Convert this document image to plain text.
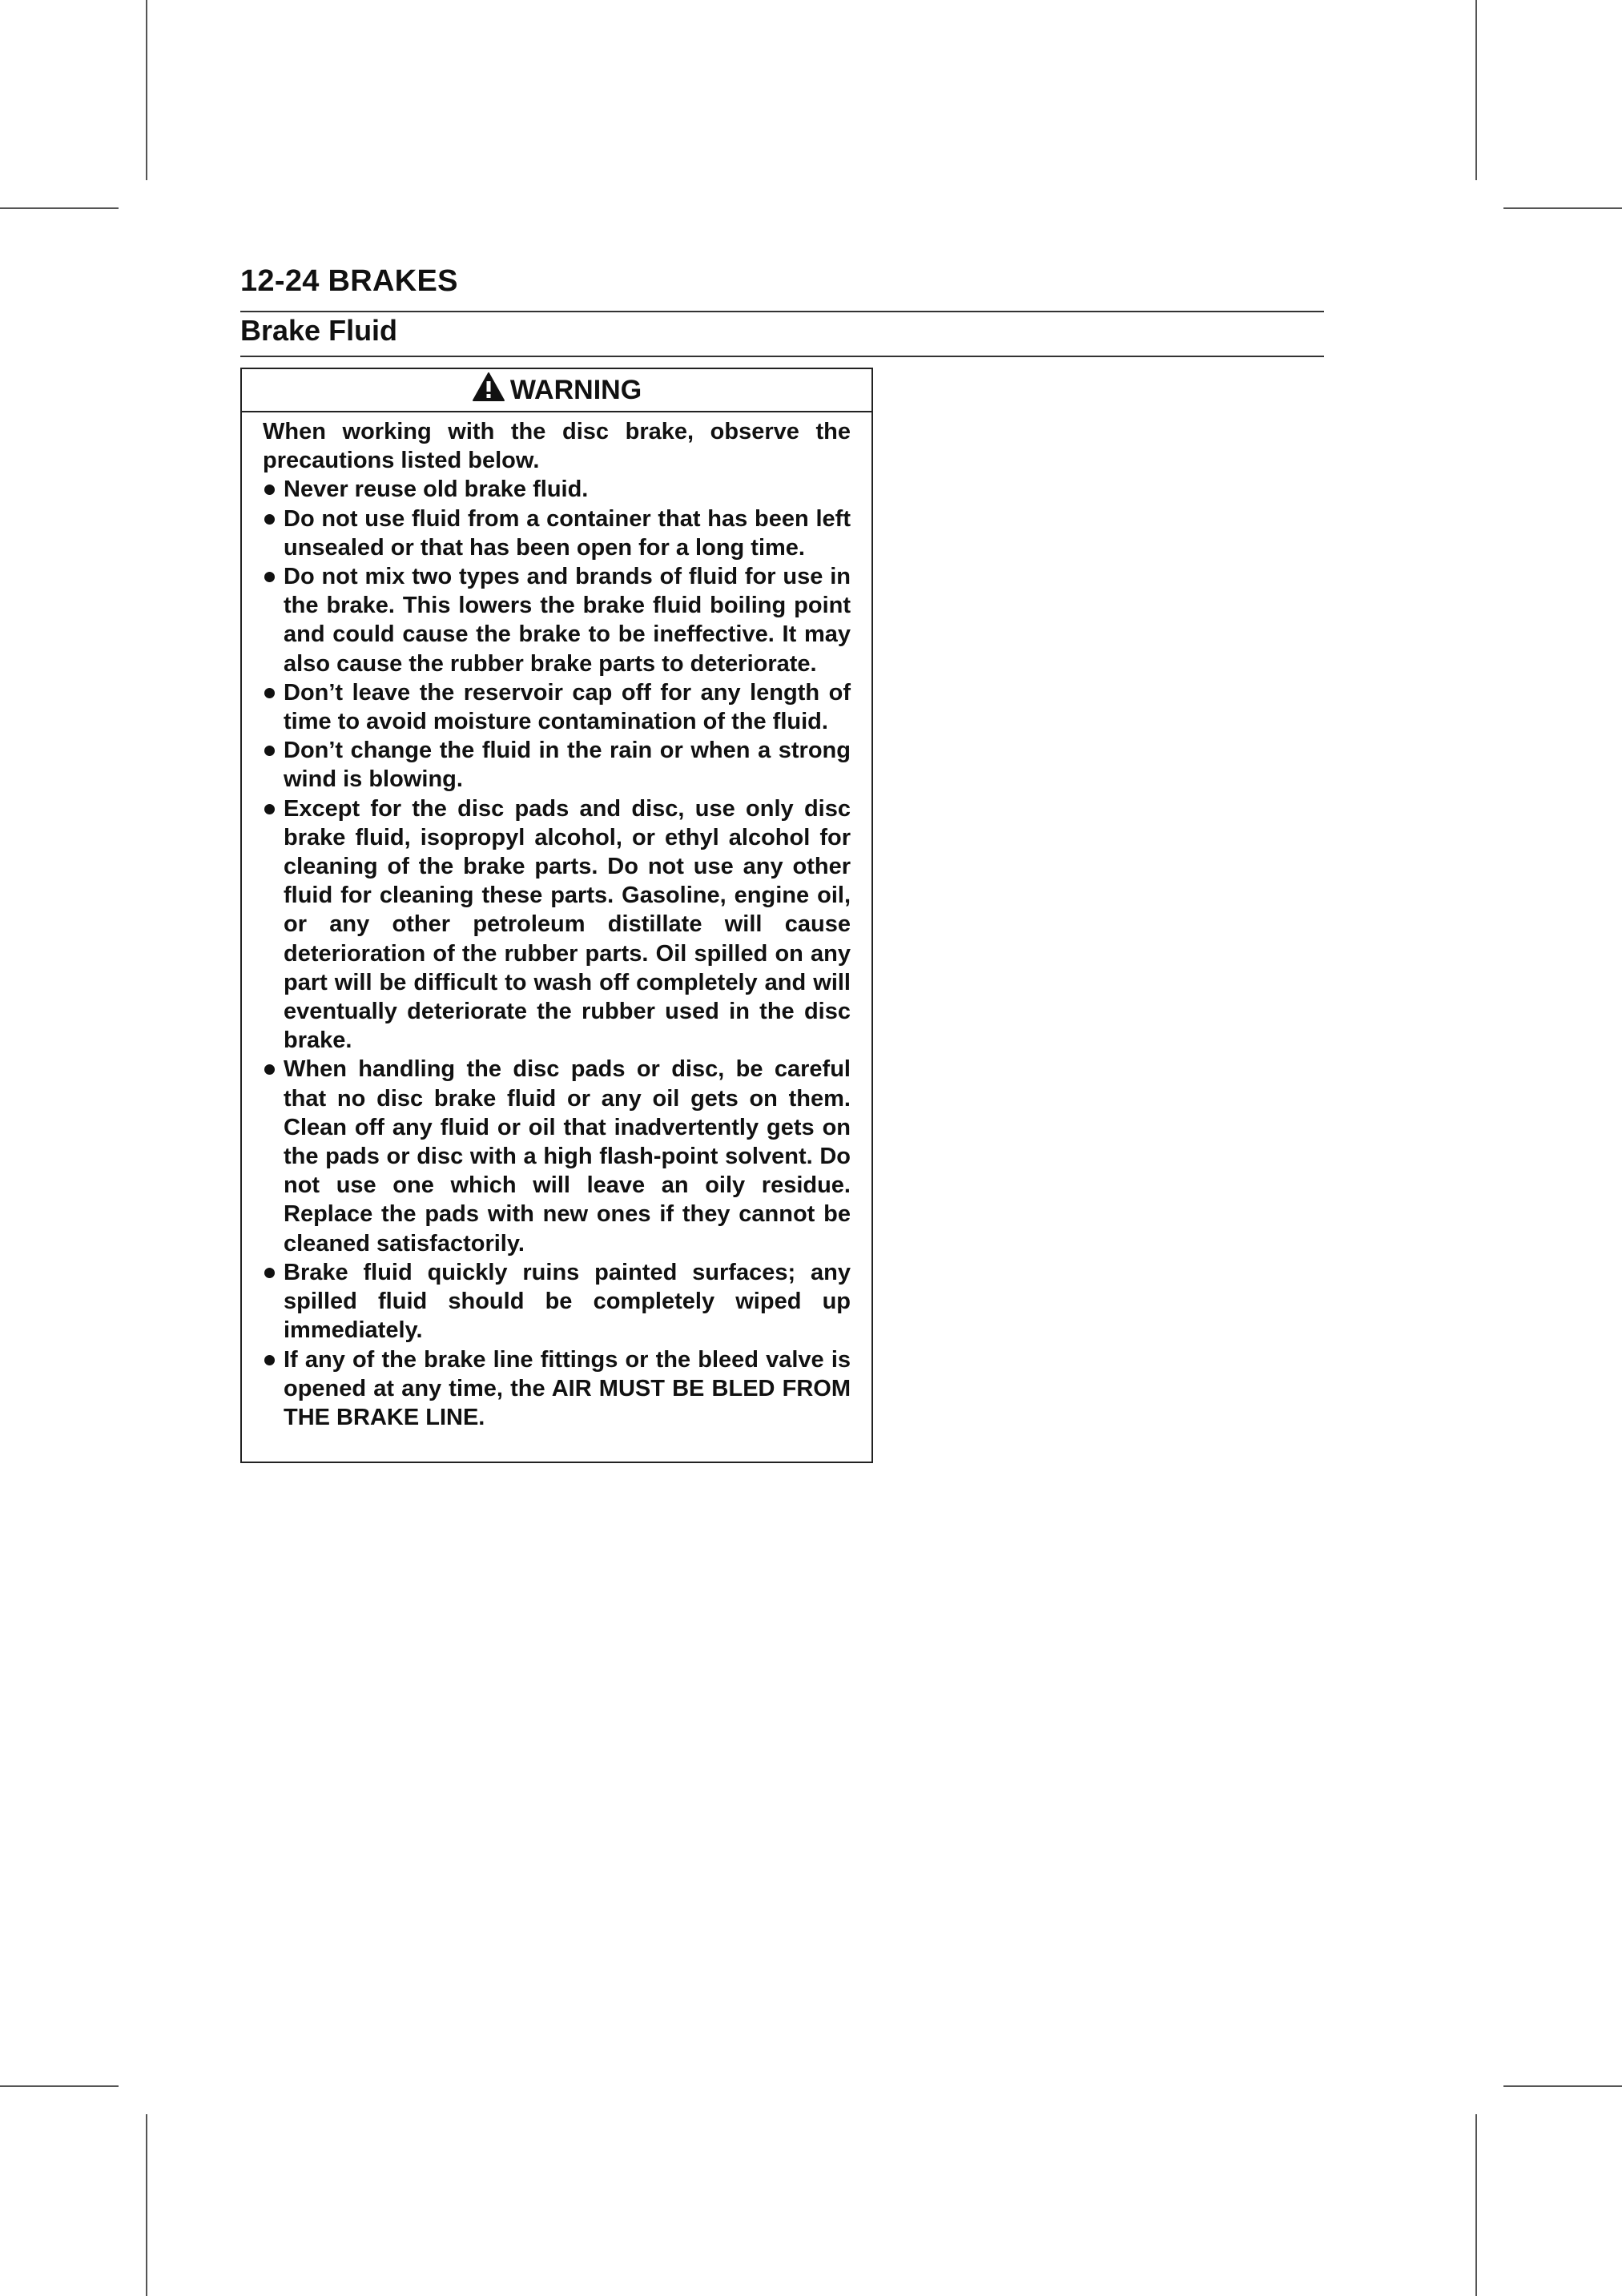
12-24 BRAKES
Brake Fluid
WARNING

When working with the disc brake, observe the precautions listed below.

Never reuse old brake fluid.
Do not use fluid from a container that has been left unsealed or that has been open for a long time.
Do not mix two types and brands of fluid for use in the brake. This lowers the brake fluid boiling point and could cause the brake to be ineffective. It may also cause the rubber brake parts to deteriorate.
Don’t leave the reservoir cap off for any length of time to avoid moisture contamination of the fluid.
Don’t change the fluid in the rain or when a strong wind is blowing.
Except for the disc pads and disc, use only disc brake fluid, isopropyl alcohol, or ethyl alcohol for cleaning of the brake parts. Do not use any other fluid for cleaning these parts. Gasoline, engine oil, or any other petroleum distillate will cause deterioration of the rubber parts. Oil spilled on any part will be difficult to wash off completely and will eventually deteriorate the rubber used in the disc brake.
When handling the disc pads or disc, be careful that no disc brake fluid or any oil gets on them. Clean off any fluid or oil that inadvertently gets on the pads or disc with a high flash-point solvent. Do not use one which will leave an oily residue. Replace the pads with new ones if they cannot be cleaned satisfactorily.
Brake fluid quickly ruins painted surfaces; any spilled fluid should be completely wiped up immediately.
If any of the brake line fittings or the bleed valve is opened at any time, the AIR MUST BE BLED FROM THE BRAKE LINE.
